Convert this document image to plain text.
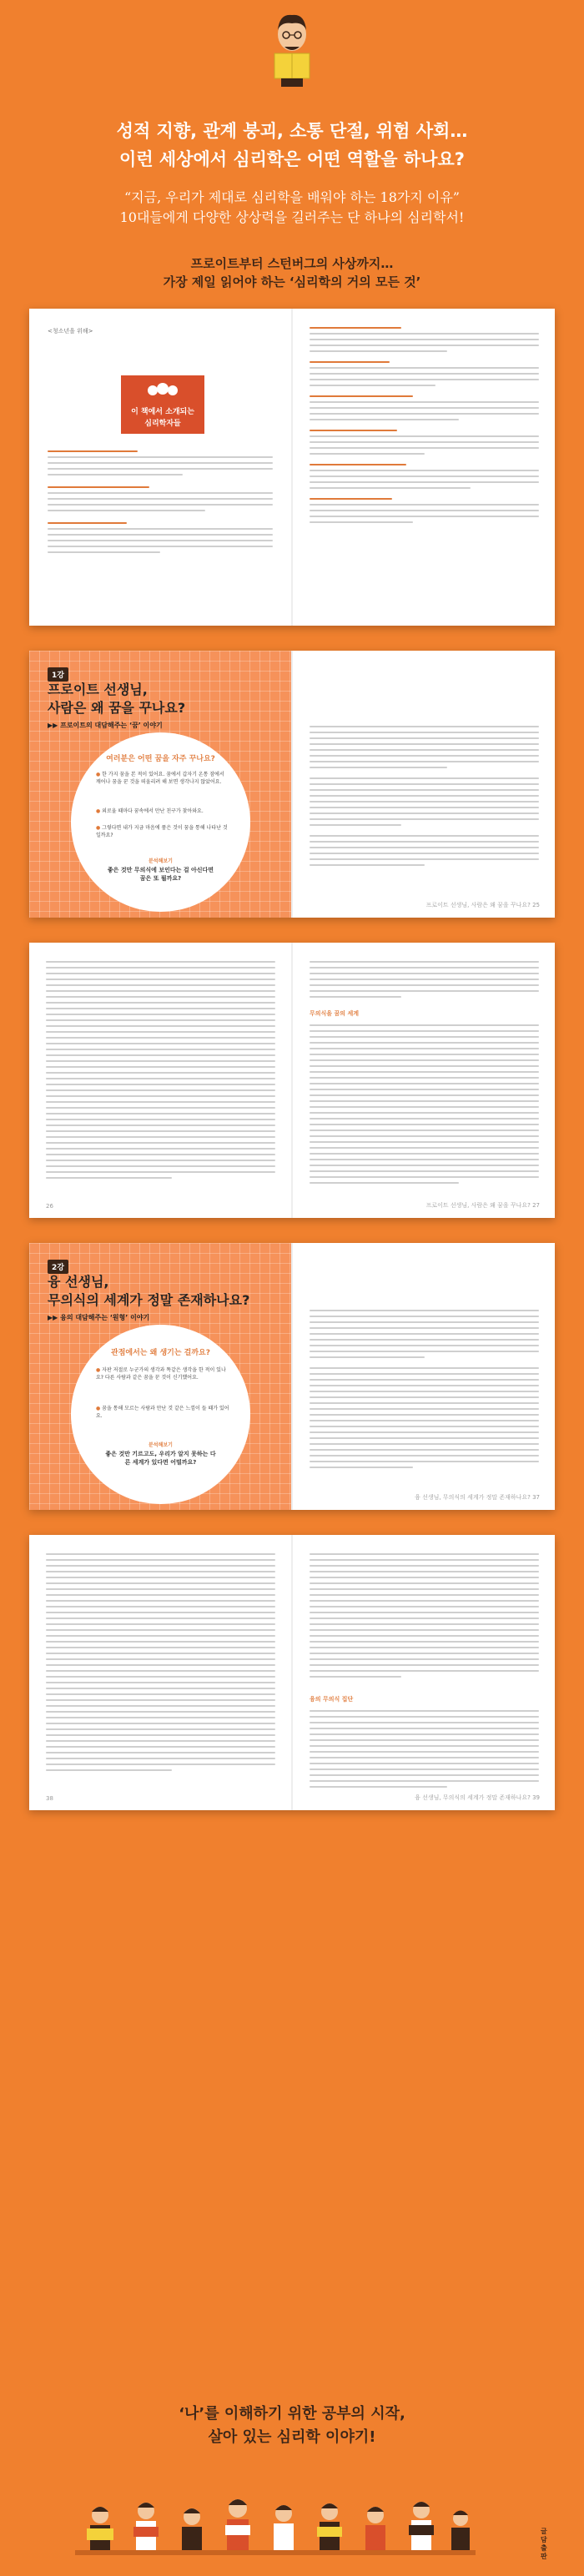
성적 지향, 관계 붕괴, 소통 단절, 위험 사회…
이런 세상에서 심리학은 어떤 역할을 하나요?
“지금, 우리가 제대로 심리학을 배워야 하는 18가지 이유”
10대들에게 다양한 상상력을 길러주는 단 하나의 심리학서!
프로이트부터 스턴버그의 사상까지…
가장 제일 읽어야 하는 ‘심리학의 거의 모든 것’
<청소년을 위해>
이 책에서 소개되는
심리학자들
1강
프로이트 선생님,
사람은 왜 꿈을 꾸나요?
▶▶ 프로이트의 대담해주는 ‘꿈’ 이야기
여러분은 어떤 꿈을 자주 꾸나요?
● 한 가지 꿈을 본 적이 있어요. 꿈에서 갑자기 온통 잠에서 깨어나 꿈을 꾼 것을 떠올리려 해 보면 생각나지 않았어요.
● 외로울 때마다 꿈속에서 만난 친구가 찾아와요.
● 그렇다면 내가 지금 마음에 품은 것이 꿈을 통해 나타난 것일까요?
분석해보기
좋은 것만 무의식에 보인다는 걸 아신다면 꿈은 또 뭘까요?
프로이트 선생님, 사람은 왜 꿈을 꾸나요? 25
26
무의식을 꿈의 세계
프로이트 선생님, 사람은 왜 꿈을 꾸나요? 27
2강
융 선생님,
무의식의 세계가 정말 존재하나요?
▶▶ 융의 대담해주는 ‘원형’ 이야기
관점에서는 왜 생기는 걸까요?
● 자판 저절로 누군가의 생각과 똑같은 생각을 한 적이 있나요? 다른 사람과 같은 꿈을 꾼 것이 신기했어요.
● 꿈을 통해 모르는 사람과 만난 것 같은 느낌이 들 때가 있어요.
분석해보기
좋은 것만 기르고도, 우리가 알지 못하는 다른 세계가 있다면 어떨까요?
융 선생님, 무의식의 세계가 정말 존재하나요? 37
38
융의 무의식 집단
융 선생님, 무의식의 세계가 정말 존재하나요? 39
‘나’를 이해하기 위한 공부의 시작,
살아 있는 심리학 이야기!
글담출판
